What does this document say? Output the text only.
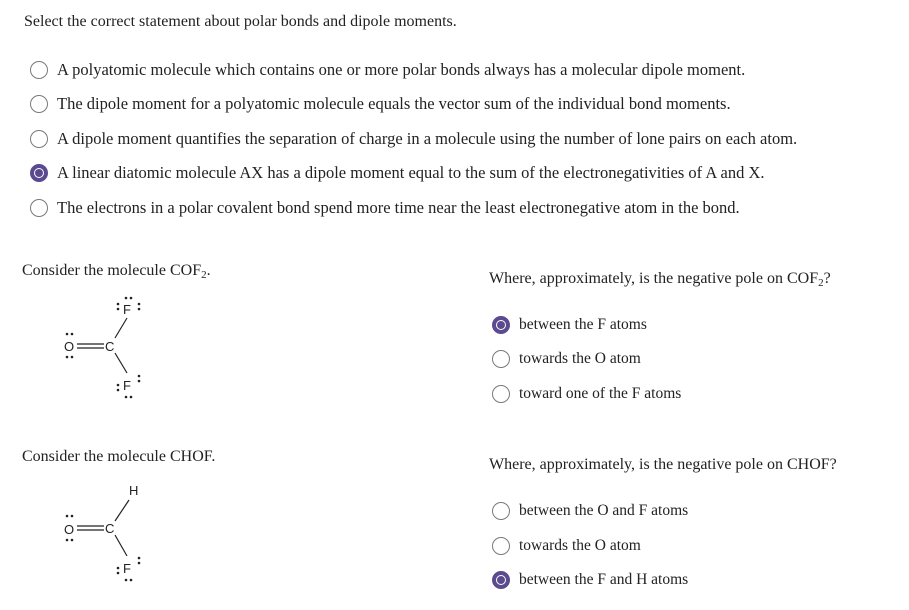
Select the correct statement about polar bonds and dipole moments.
A polyatomic molecule which contains one or more polar bonds always has a molecular dipole moment.
The dipole moment for a polyatomic molecule equals the vector sum of the individual bond moments.
A dipole moment quantifies the separation of charge in a molecule using the number of lone pairs on each atom.
A linear diatomic molecule AX has a dipole moment equal to the sum of the electronegativities of A and X.
The electrons in a polar covalent bond spend more time near the least electronegative atom in the bond.
Consider the molecule $COF_2$.
F
O C
F
Where, approximately, is the negative pole on $COF_2$?
between the F atoms
towards the O atom
toward one of the F atoms
Consider the molecule CHOF.
H
O C
F
Where, approximately, is the negative pole on CHOF?
between the O and F atoms
towards the O atom
between the F and H atoms
